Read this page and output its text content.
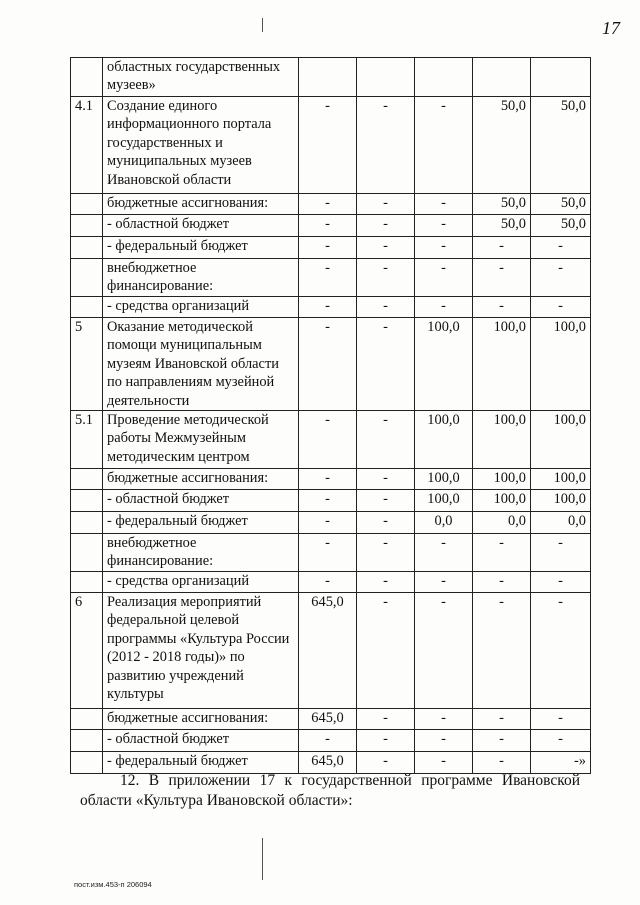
17
	областных государственных музеев»					
4.1	Создание единого информационного портала государственных и муниципальных музеев Ивановской области	-	-	-	50,0	50,0
	бюджетные ассигнования:	-	-	-	50,0	50,0
	- областной бюджет	-	-	-	50,0	50,0
	- федеральный бюджет	-	-	-	-	-
	внебюджетное финансирование:	-	-	-	-	-
	- средства организаций	-	-	-	-	-
5	Оказание методической помощи муниципальным музеям Ивановской области по направлениям музейной деятельности	-	-	100,0	100,0	100,0
5.1	Проведение методической работы Межмузейным методическим центром	-	-	100,0	100,0	100,0
	бюджетные ассигнования:	-	-	100,0	100,0	100,0
	- областной бюджет	-	-	100,0	100,0	100,0
	- федеральный бюджет	-	-	0,0	0,0	0,0
	внебюджетное финансирование:	-	-	-	-	-
	- средства организаций	-	-	-	-	-
6	Реализация мероприятий федеральной целевой программы «Культура России (2012 - 2018 годы)» по развитию учреждений культуры	645,0	-	-	-	-
	бюджетные ассигнования:	645,0	-	-	-	-
	- областной бюджет	-	-	-	-	-
	- федеральный бюджет	645,0	-	-	-	-»
12. В приложении 17 к государственной программе Ивановской области «Культура Ивановской области»:
пост.изм.453-п 206094
